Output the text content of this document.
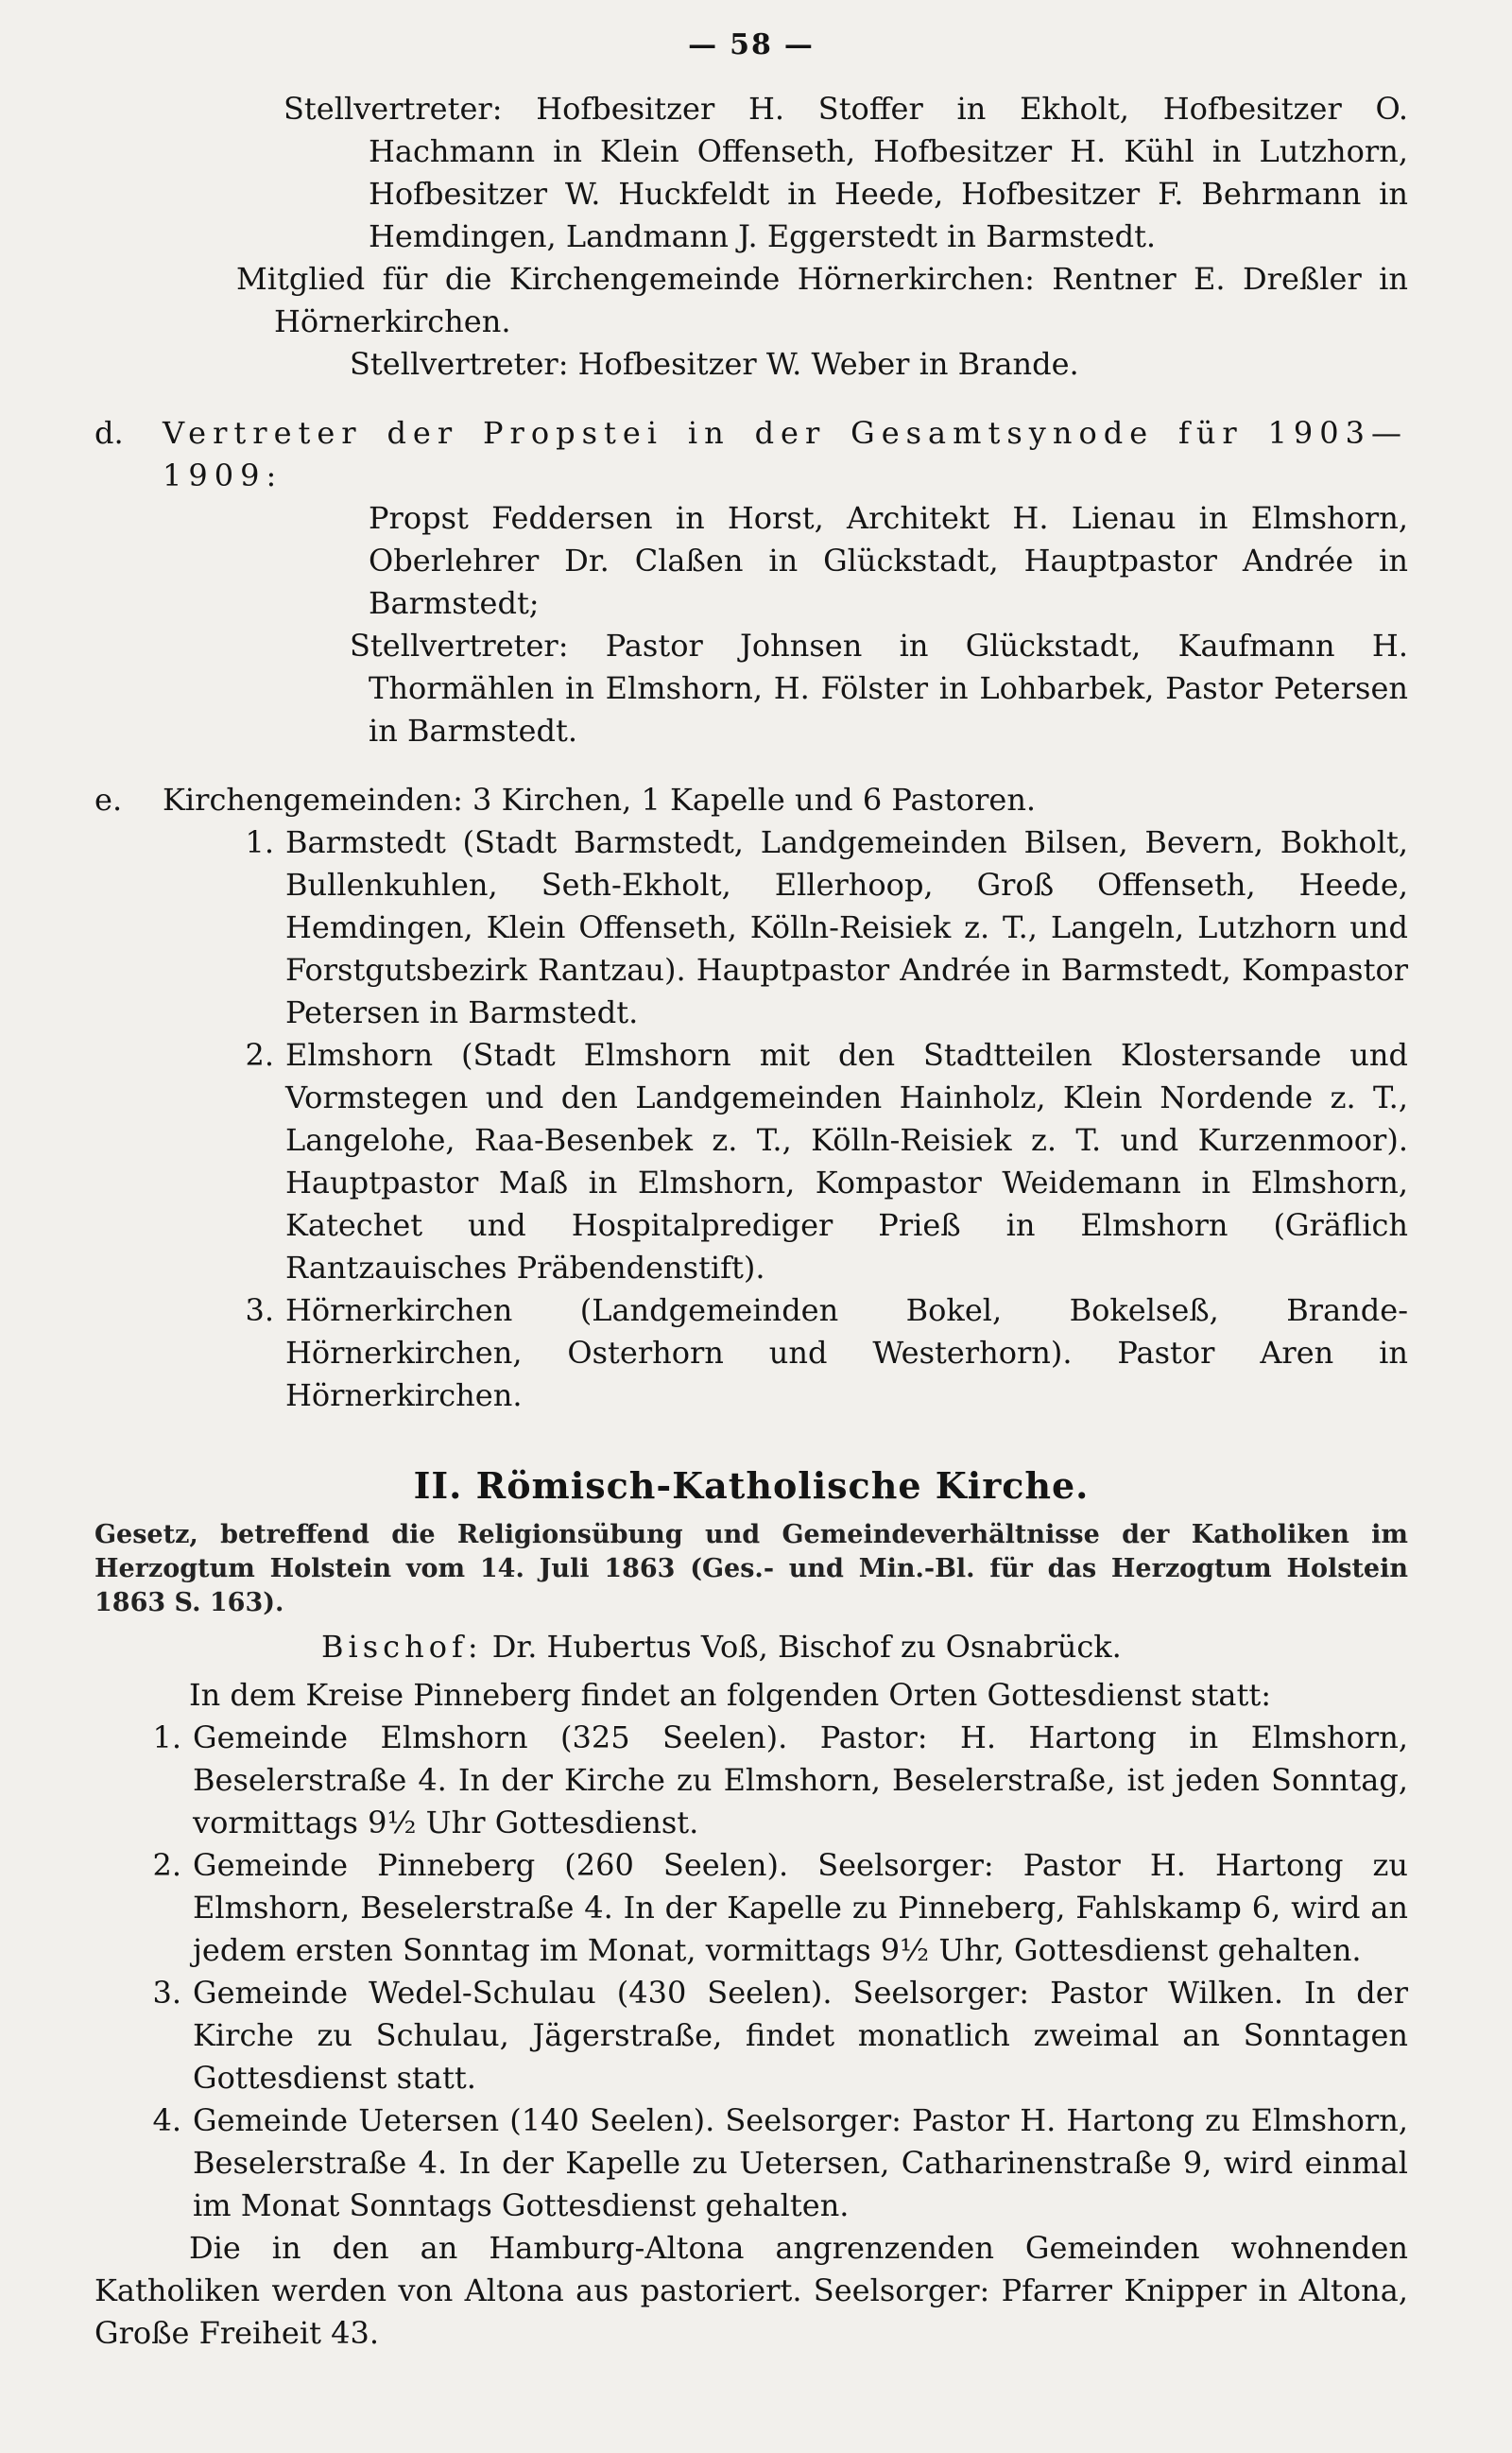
— 58 —

Stellvertreter: Hofbesitzer H. Stoffer in Ekholt, Hofbesitzer O. Hachmann in Klein Offenseth, Hofbesitzer H. Kühl in Lutzhorn, Hofbesitzer W. Huckfeldt in Heede, Hofbesitzer F. Behrmann in Hemdingen, Landmann J. Eggerstedt in Barmstedt.

Mitglied für die Kirchengemeinde Hörnerkirchen: Rentner E. Dreßler in Hörnerkirchen.

Stellvertreter: Hofbesitzer W. Weber in Brande.

d.	Vertreter der Propstei in der Gesamtsynode für 1903—1909:

Propst Feddersen in Horst, Architekt H. Lienau in Elmshorn, Oberlehrer Dr. Claßen in Glückstadt, Hauptpastor Andrée in Barmstedt;

Stellvertreter: Pastor Johnsen in Glückstadt, Kaufmann H. Thormählen in Elmshorn, H. Fölster in Lohbarbek, Pastor Petersen in Barmstedt.

e.	Kirchengemeinden: 3 Kirchen, 1 Kapelle und 6 Pastoren.
1. Barmstedt (Stadt Barmstedt, Landgemeinden Bilsen, Bevern, Bokholt, Bullenkuhlen, Seth-Ekholt, Ellerhoop, Groß Offenseth, Heede, Hemdingen, Klein Offenseth, Kölln-Reisiek z. T., Langeln, Lutzhorn und Forstgutsbezirk Rantzau). Hauptpastor Andrée in Barmstedt, Kompastor Petersen in Barmstedt.
2. Elmshorn (Stadt Elmshorn mit den Stadtteilen Klostersande und Vormstegen und den Landgemeinden Hainholz, Klein Nordende z. T., Langelohe, Raa-Besenbek z. T., Kölln-Reisiek z. T. und Kurzenmoor). Hauptpastor Maß in Elmshorn, Kompastor Weidemann in Elmshorn, Katechet und Hospitalprediger Prieß in Elmshorn (Gräflich Rantzauisches Präbendenstift).
3. Hörnerkirchen (Landgemeinden Bokel, Bokelseß, Brande-Hörnerkirchen, Osterhorn und Westerhorn). Pastor Aren in Hörnerkirchen.
II. Römisch-Katholische Kirche.

Gesetz, betreffend die Religionsübung und Gemeindeverhältnisse der Katholiken im Herzogtum Holstein vom 14. Juli 1863 (Ges.- und Min.-Bl. für das Herzogtum Holstein 1863 S. 163).

Bischof: Dr. Hubertus Voß, Bischof zu Osnabrück.

In dem Kreise Pinneberg findet an folgenden Orten Gottesdienst statt:

1. Gemeinde Elmshorn (325 Seelen). Pastor: H. Hartong in Elmshorn, Beselerstraße 4. In der Kirche zu Elmshorn, Beselerstraße, ist jeden Sonntag, vormittags 9½ Uhr Gottesdienst.
2. Gemeinde Pinneberg (260 Seelen). Seelsorger: Pastor H. Hartong zu Elmshorn, Beselerstraße 4. In der Kapelle zu Pinneberg, Fahlskamp 6, wird an jedem ersten Sonntag im Monat, vormittags 9½ Uhr, Gottesdienst gehalten.
3. Gemeinde Wedel-Schulau (430 Seelen). Seelsorger: Pastor Wilken. In der Kirche zu Schulau, Jägerstraße, findet monatlich zweimal an Sonntagen Gottesdienst statt.
4. Gemeinde Uetersen (140 Seelen). Seelsorger: Pastor H. Hartong zu Elmshorn, Beselerstraße 4. In der Kapelle zu Uetersen, Catharinenstraße 9, wird einmal im Monat Sonntags Gottesdienst gehalten.

Die in den an Hamburg-Altona angrenzenden Gemeinden wohnenden Katholiken werden von Altona aus pastoriert. Seelsorger: Pfarrer Knipper in Altona, Große Freiheit 43.
